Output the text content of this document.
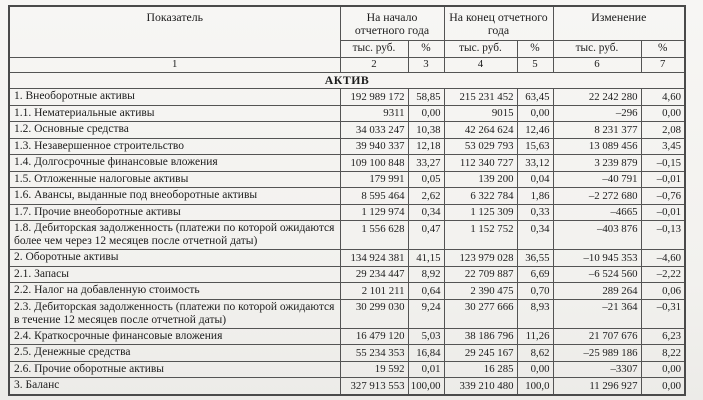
Показатель	На начало отчетного года		На конец отчетного года		Изменение	
	тыс. руб.	%	тыс. руб.	%	тыс. руб.	%
1	2	3	4	5	6	7
АКТИВ						
1. Внеоборотные активы	192 989 172	58,85	215 231 452	63,45	22 242 280	4,60
1.1. Нематериальные активы	9311	0,00	9015	0,00	–296	0,00
1.2. Основные средства	34 033 247	10,38	42 264 624	12,46	8 231 377	2,08
1.3. Незавершенное строительство	39 940 337	12,18	53 029 793	15,63	13 089 456	3,45
1.4. Долгосрочные финансовые вложения	109 100 848	33,27	112 340 727	33,12	3 239 879	–0,15
1.5. Отложенные налоговые активы	179 991	0,05	139 200	0,04	–40 791	–0,01
1.6. Авансы, выданные под внеоборотные активы	8 595 464	2,62	6 322 784	1,86	–2 272 680	–0,76
1.7. Прочие внеоборотные активы	1 129 974	0,34	1 125 309	0,33	–4665	–0,01
1.8. Дебиторская задолженность (платежи по которой ожидаются более чем через 12 месяцев после отчетной даты)	1 556 628	0,47	1 152 752	0,34	–403 876	–0,13
2. Оборотные активы	134 924 381	41,15	123 979 028	36,55	–10 945 353	–4,60
2.1. Запасы	29 234 447	8,92	22 709 887	6,69	–6 524 560	–2,22
2.2. Налог на добавленную стоимость	2 101 211	0,64	2 390 475	0,70	289 264	0,06
2.3. Дебиторская задолженность (платежи по которой ожидаются в течение 12 месяцев после отчетной даты)	30 299 030	9,24	30 277 666	8,93	–21 364	–0,31
2.4. Краткосрочные финансовые вложения	16 479 120	5,03	38 186 796	11,26	21 707 676	6,23
2.5. Денежные средства	55 234 353	16,84	29 245 167	8,62	–25 989 186	8,22
2.6. Прочие оборотные активы	19 592	0,01	16 285	0,00	–3307	0,00
3. Баланс	327 913 553	100,00	339 210 480	100,0	11 296 927	0,00
